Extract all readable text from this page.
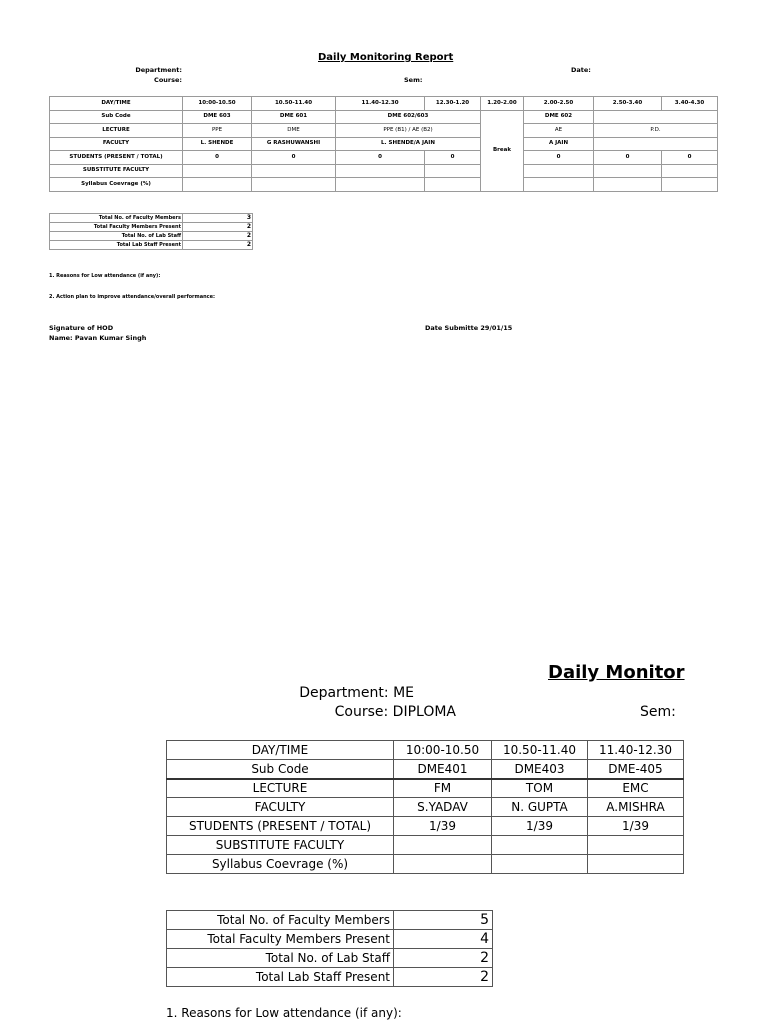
Daily Monitoring Report
Department:
Course:
Date:
Sem:
DAY/TIME	10:00-10.50	10.50-11.40	11.40-12.30	12.30-1.20	1.20-2.00	2.00-2.50	2.50-3.40	3.40-4.30
Sub Code	DME 603	DME 601	DME 602/603		Break	DME 602		
LECTURE	PPE	DME	PPE (B1) / AE (B2)			AE	P.D.	
FACULTY	L. SHENDE	G RASHUWANSHI	L. SHENDE/A JAIN			A JAIN		
STUDENTS (PRESENT / TOTAL)	0	0	0	0		0	0	0
SUBSTITUTE FACULTY								
Syllabus Coevrage (%)								
Total No. of Faculty Members	3
Total Faculty Members Present	2
Total No. of Lab Staff	2
Total Lab Staff Present	2
1. Reasons for Low attendance (if any):
2. Action plan to improve attendance/overall performance:
Signature of HOD
Name: Pavan Kumar Singh
Date Submitte 29/01/15
Daily Monitor
Department: ME
Course: DIPLOMA	Sem:
DAY/TIME	10:00-10.50	10.50-11.40	11.40-12.30
Sub Code	DME401	DME403	DME-405
LECTURE	FM	TOM	EMC
FACULTY	S.YADAV	N. GUPTA	A.MISHRA
STUDENTS (PRESENT / TOTAL)	1/39	1/39	1/39
SUBSTITUTE FACULTY			
Syllabus Coevrage (%)			
Total No. of Faculty Members	5
Total Faculty Members Present	4
Total No. of Lab Staff	2
Total Lab Staff Present	2
1. Reasons for Low attendance (if any):
